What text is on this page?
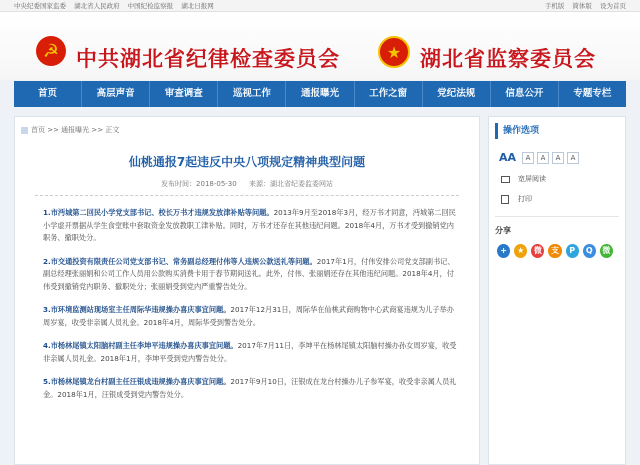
中央纪委国家监委 湖北省人民政府 中国纪检监察报 湖北日报网	手机版 简体版 设为首页
☭ 中共湖北省纪律检查委员会	★ 湖北省监察委员会
首页	高层声音	审查调查	巡视工作	通报曝光	工作之窗	党纪法规	信息公开	专题专栏
首页 >> 通报曝光 >> 正文
仙桃通报7起违反中央八项规定精神典型问题
发布时间：2018-05-30 来源：湖北省纪委监委网站
1.市沔城第二回民小学党支部书记、校长万书才违规发放津补贴等问题。2013年9月至2018年3月，经万书才同意，沔城第二回民小学虚开票据从学生食堂账中套取资金发放教职工津补贴。同时，万书才还存在其他违纪问题。2018年4月，万书才受到撤销党内职务、撤职处分。
2.市交通投资有限责任公司党支部书记、常务副总经理付伟等人违规公款送礼等问题。2017年1月，付伟安排公司党支部副书记、副总经理张丽娟和公司工作人员用公款购买消费卡用于春节期间送礼。此外，付伟、张丽娟还存在其他违纪问题。2018年4月，付伟受到撤销党内职务、撤职处分；张丽娟受到党内严重警告处分。
3.市环境监测站现场室主任周际华违规操办喜庆事宜问题。2017年12月31日，周际华在仙桃武商购物中心武商宴违规为儿子举办周岁宴，收受非亲属人员礼金。2018年4月，周际华受到警告处分。
4.市杨林尾镇太阳脑村副主任李坤平违规操办喜庆事宜问题。2017年7月11日，李坤平在杨林尾镇太阳脑村操办孙女周岁宴，收受非亲属人员礼金。2018年1月，李坤平受到党内警告处分。
5.市杨林尾镇龙台村副主任汪银成违规操办喜庆事宜问题。2017年9月10日，汪银成在龙台村操办儿子参军宴，收受非亲属人员礼金。2018年1月，汪银成受到党内警告处分。
操作选项
AA	A	A	A	A
宽屏阅读
打印
分享
+	★	微	支	P	Q	微
